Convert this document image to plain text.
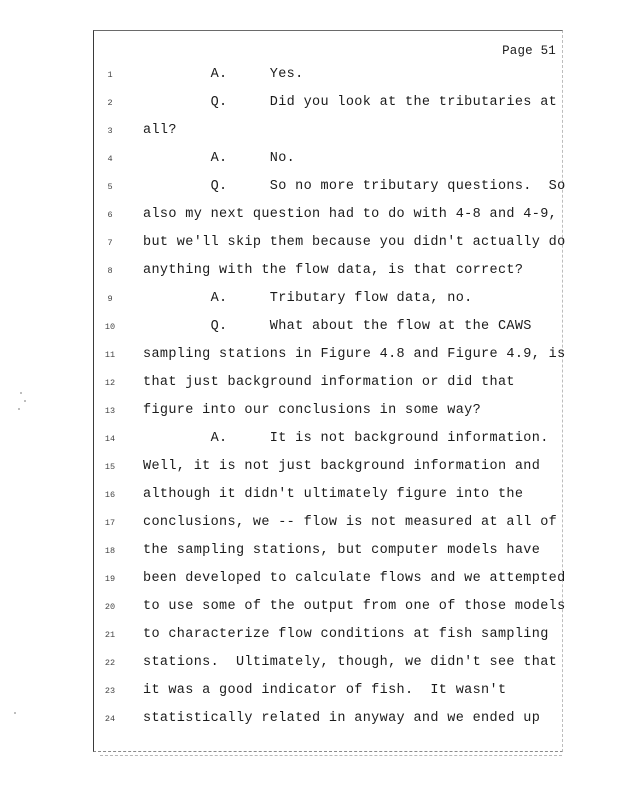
Page 51
1	A.     Yes.
2	Q.     Did you look at the tributaries at
3	all?
4	A.     No.
5	Q.     So no more tributary questions.  So
6	also my next question had to do with 4-8 and 4-9,
7	but we'll skip them because you didn't actually do
8	anything with the flow data, is that correct?
9	A.     Tributary flow data, no.
10	Q.     What about the flow at the CAWS
11	sampling stations in Figure 4.8 and Figure 4.9, is
12	that just background information or did that
13	figure into our conclusions in some way?
14	A.     It is not background information.
15	Well, it is not just background information and
16	although it didn't ultimately figure into the
17	conclusions, we -- flow is not measured at all of
18	the sampling stations, but computer models have
19	been developed to calculate flows and we attempted
20	to use some of the output from one of those models
21	to characterize flow conditions at fish sampling
22	stations.  Ultimately, though, we didn't see that
23	it was a good indicator of fish.  It wasn't
24	statistically related in anyway and we ended up
